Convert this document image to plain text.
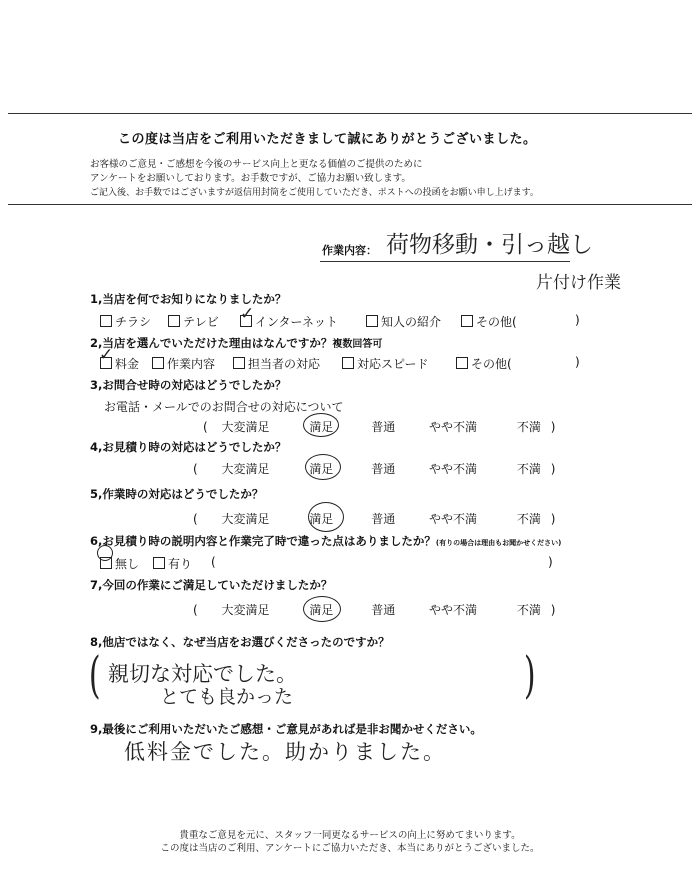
この度は当店をご利用いただきまして誠にありがとうございました。
お客様のご意見・ご感想を今後のサービス向上と更なる価値のご提供のために
アンケートをお願いしております。お手数ですが、ご協力お願い致します。
ご記入後、お手数ではございますが返信用封筒をご使用していただき、ポストへの投函をお願い申し上げます。
作業内容： 荷物移動・引っ越し
片付け作業
1,当店を何でお知りになりましたか？
チラシ	テレビ	インターネット
✓	知人の紹介	その他(	)
2,当店を選んでいただけた理由はなんですか？複数回答可
料金
✓	作業内容	担当者の対応	対応スピード	その他(	)
3,お問合せ時の対応はどうでしたか？
お電話・メールでのお問合せの対応について
( 大変満足	満足	普通	やや不満	不満 )
4,お見積り時の対応はどうでしたか？
( 大変満足	満足	普通	やや不満	不満 )
5,作業時の対応はどうでしたか？
( 大変満足	満足	普通	やや不満	不満 )
6,お見積り時の説明内容と作業完了時で違った点はありましたか？(有りの場合は理由もお聞かせください)
無し	有り (	)
7,今回の作業にご満足していただけましたか？
( 大変満足	満足	普通	やや不満	不満 )
8,他店ではなく、なぜ当店をお選びくださったのですか？
(	)
親切な対応でした。
とても良かった
9,最後にご利用いただいたご感想・ご意見があれば是非お聞かせください。
低料金でした。助かりました。
貴重なご意見を元に、スタッフ一同更なるサービスの向上に努めてまいります。
この度は当店のご利用、アンケートにご協力いただき、本当にありがとうございました。
